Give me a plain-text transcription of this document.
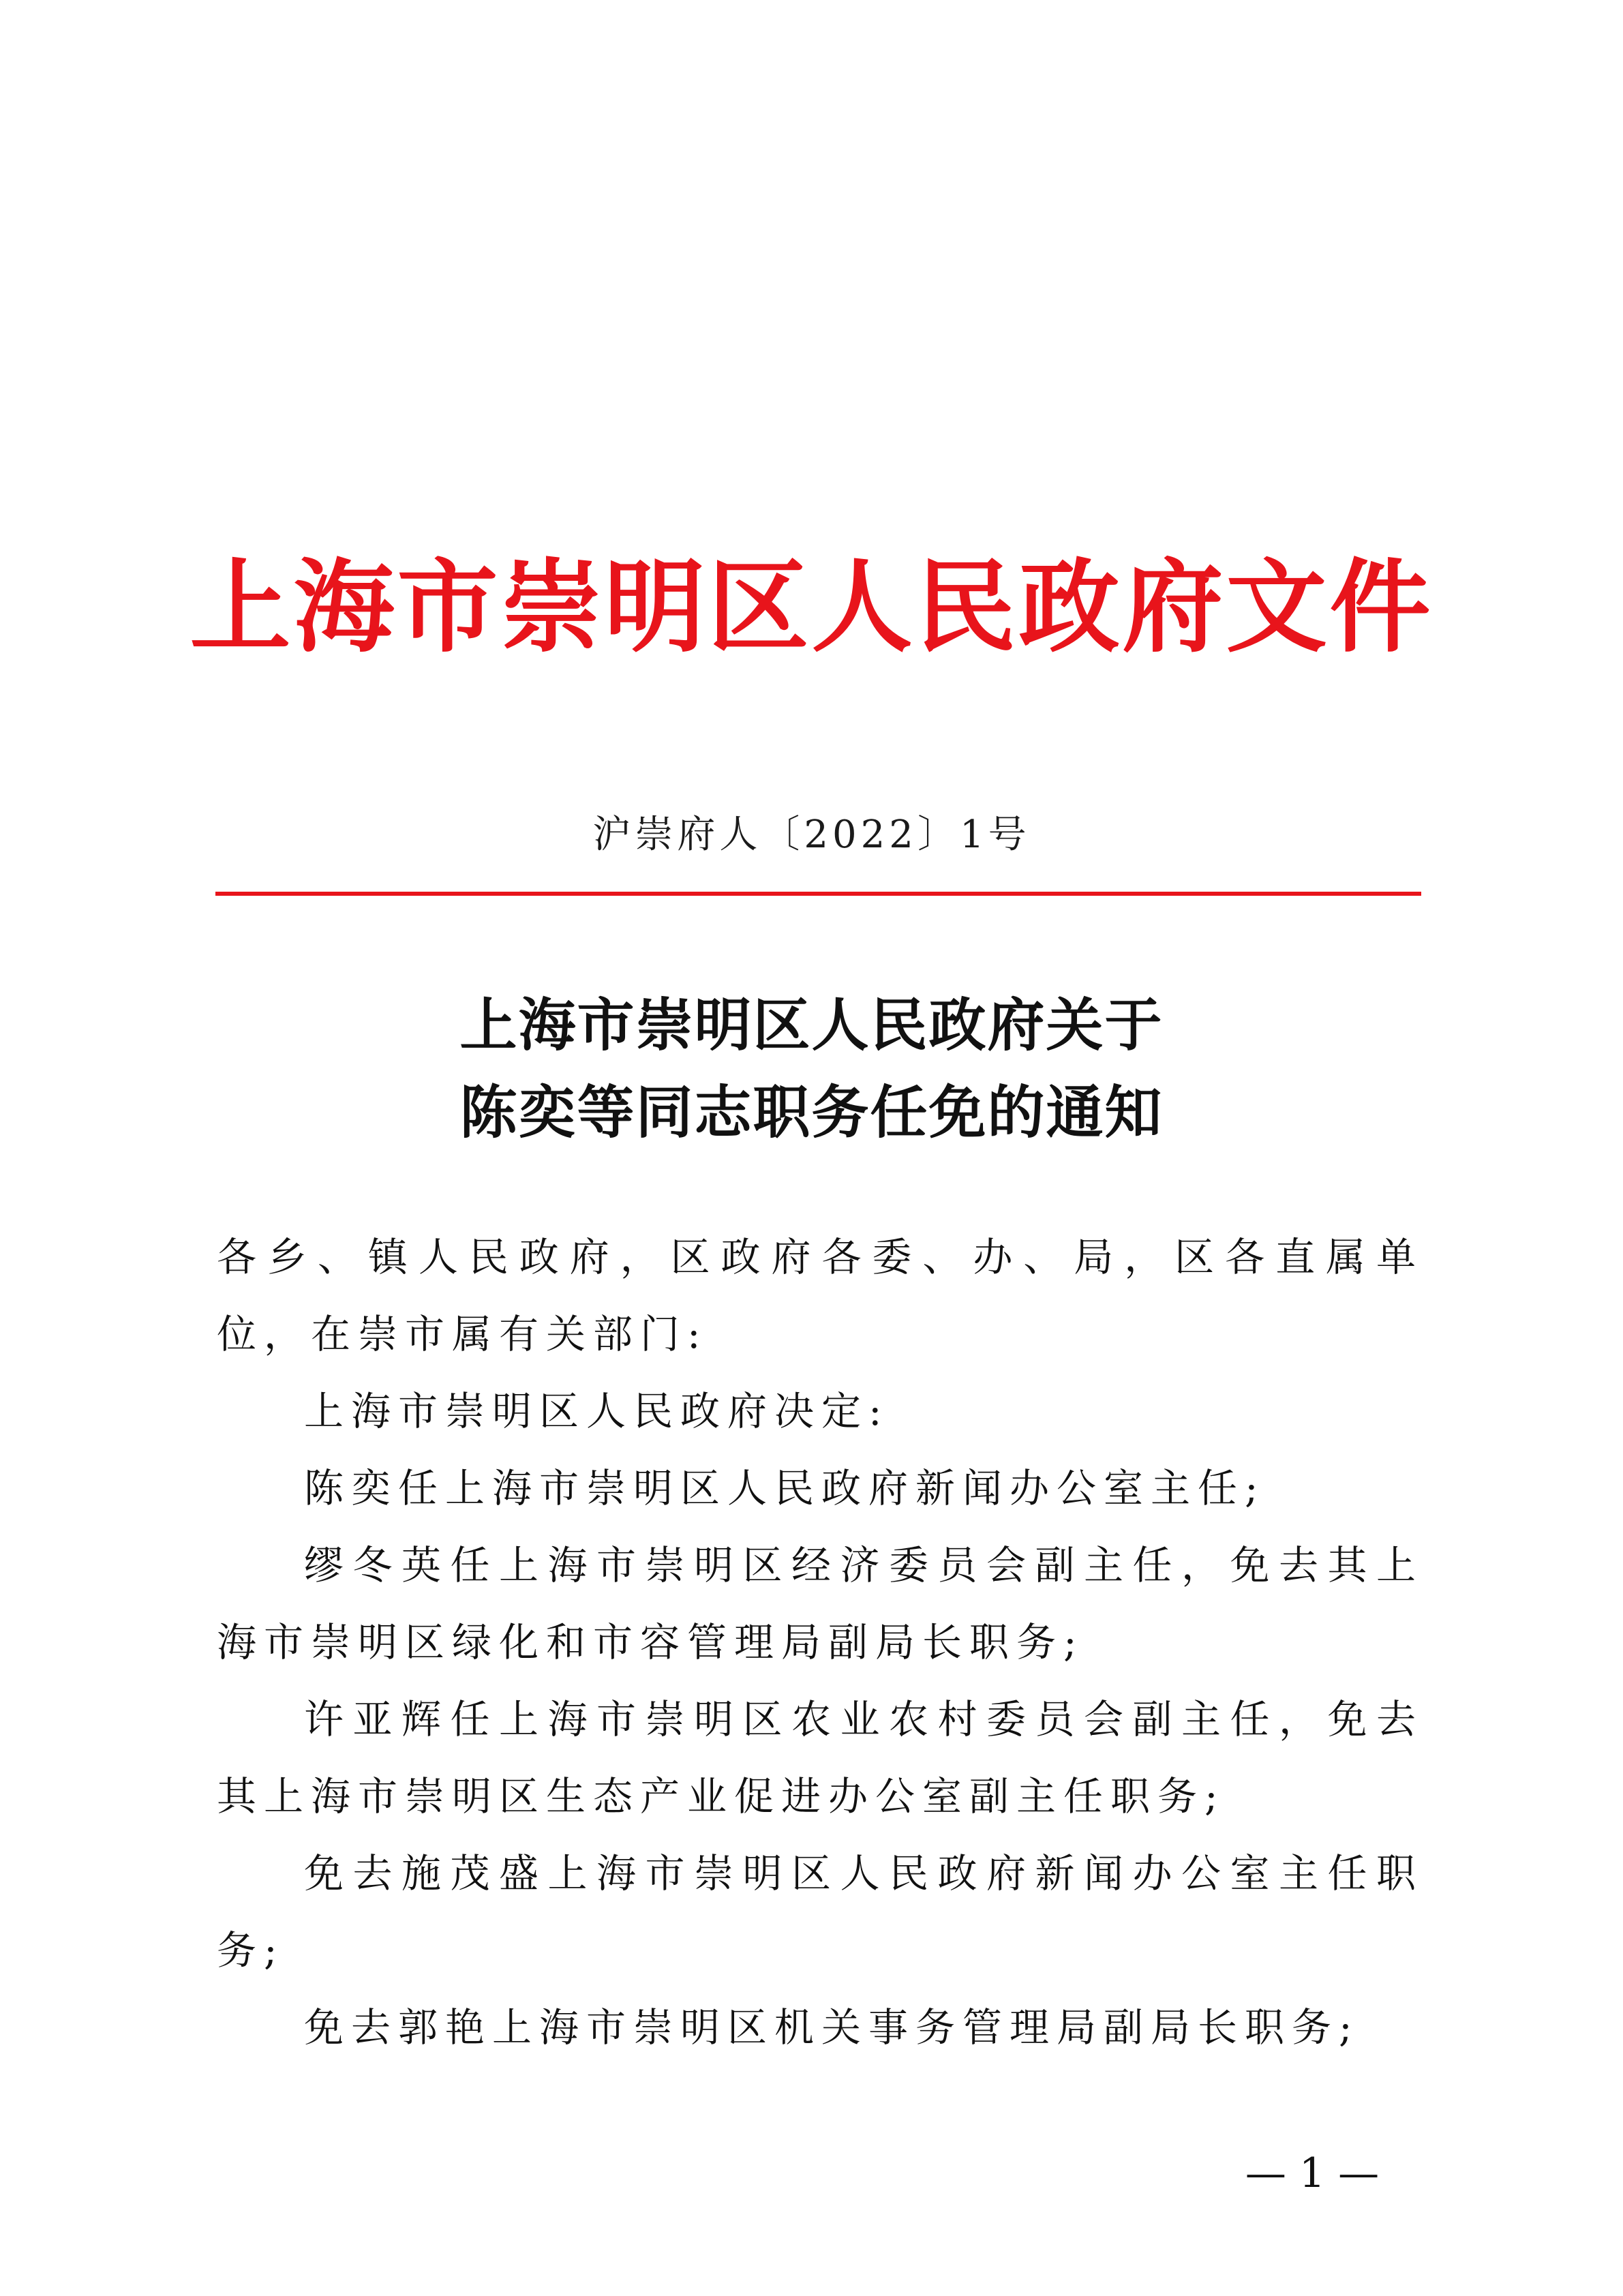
上海市崇明区人民政府文件
沪崇府人〔2022〕1号
上海市崇明区人民政府关于
陈奕等同志职务任免的通知

各乡、镇人民政府，区政府各委、办、局，区各直属单位，在崇市属有关部门:

上海市崇明区人民政府决定:

陈奕任上海市崇明区人民政府新闻办公室主任;

缪冬英任上海市崇明区经济委员会副主任，免去其上海市崇明区绿化和市容管理局副局长职务;

许亚辉任上海市崇明区农业农村委员会副主任，免去其上海市崇明区生态产业促进办公室副主任职务;

免去施茂盛上海市崇明区人民政府新闻办公室主任职务;

免去郭艳上海市崇明区机关事务管理局副局长职务;

— 1 —
